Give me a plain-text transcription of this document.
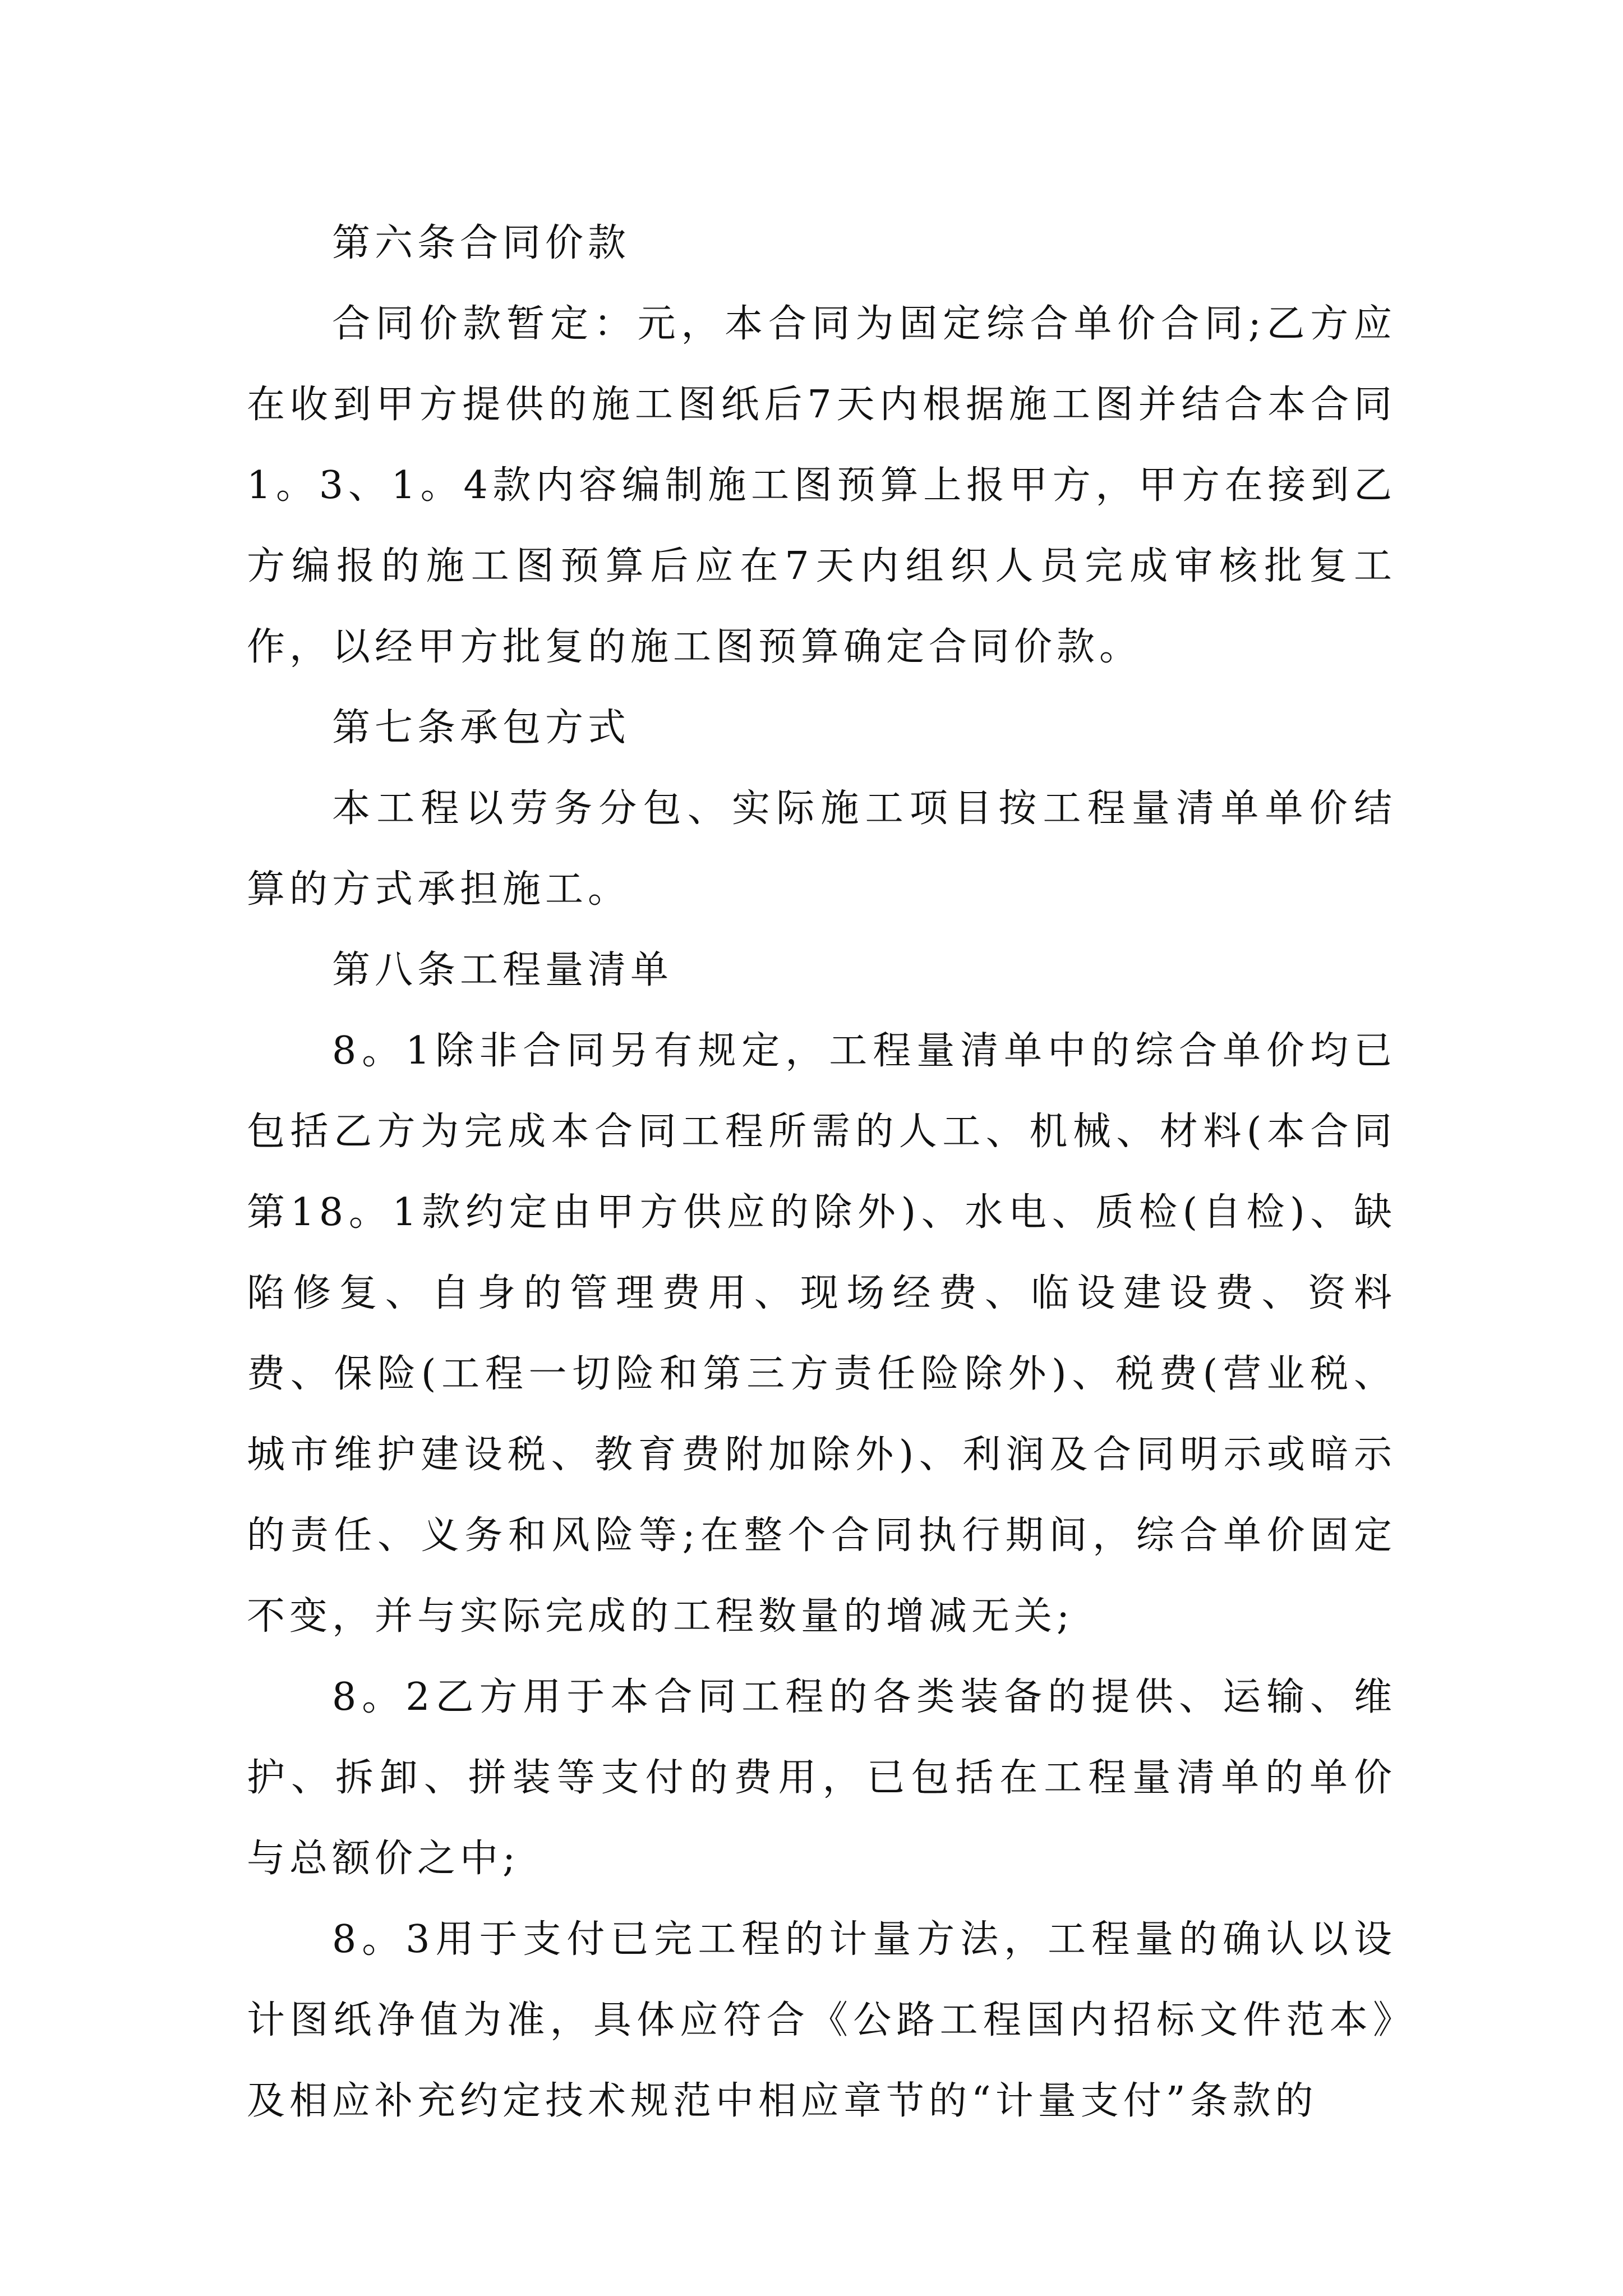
第六条合同价款

合同价款暂定：元，本合同为固定综合单价合同;乙方应在收到甲方提供的施工图纸后7天内根据施工图并结合本合同1。3、1。4款内容编制施工图预算上报甲方，甲方在接到乙方编报的施工图预算后应在7天内组织人员完成审核批复工作，以经甲方批复的施工图预算确定合同价款。

第七条承包方式

本工程以劳务分包、实际施工项目按工程量清单单价结算的方式承担施工。

第八条工程量清单

8。1除非合同另有规定，工程量清单中的综合单价均已包括乙方为完成本合同工程所需的人工、机械、材料(本合同第18。1款约定由甲方供应的除外)、水电、质检(自检)、缺陷修复、自身的管理费用、现场经费、临设建设费、资料费、保险(工程一切险和第三方责任险除外)、税费(营业税、城市维护建设税、教育费附加除外)、利润及合同明示或暗示的责任、义务和风险等;在整个合同执行期间，综合单价固定不变，并与实际完成的工程数量的增减无关;

8。2乙方用于本合同工程的各类装备的提供、运输、维护、拆卸、拼装等支付的费用，已包括在工程量清单的单价与总额价之中;

8。3用于支付已完工程的计量方法，工程量的确认以设计图纸净值为准，具体应符合《公路工程国内招标文件范本》及相应补充约定技术规范中相应章节的“计量支付”条款的
